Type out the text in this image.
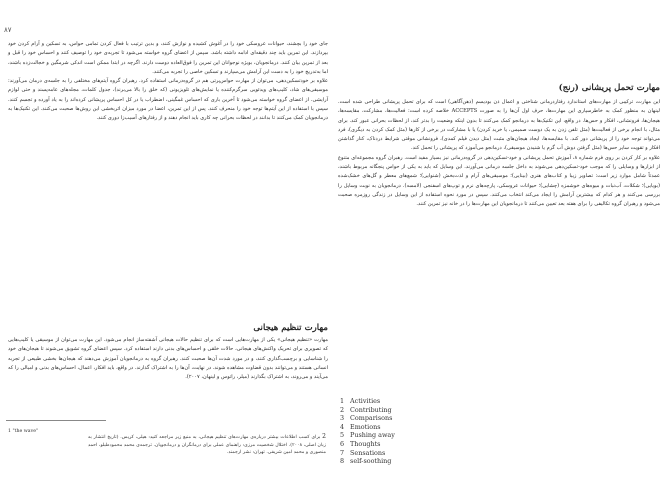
۸۷

جای خود را بچشند، حیوانات عروسکی خود را در آغوش کشیده و نوازش کنند، و بدین ترتیب با فعال کردن تمامی حواس، به تسکین و آرام کردن خود بپردازند. این تمرین باید چند دقیقه‌ای ادامه داشته باشد. سپس از اعضای گروه خواسته می‌شود تا تجربه‌ی خود را توصیف کنند و احساس خود را قبل و بعد از تمرین بیان کنند. درمانجویان، بویژه نوجوانان این تمرین را فوق‌العاده دوست دارند. اگرچه در ابتدا ممکن است اندکی شرمگین و خجالت‌زده باشند، اما به‌تدریج خود را به دست این آرامش می‌سپارند و تسکین خاصی را تجربه می‌کنند.

علاوه بر خودتسکین‌دهی، می‌توان از مهارت حواس‌پرتی هم در گروه‌درمانی استفاده کرد. رهبران گروه آیتم‌های مختلفی را به جلسه‌ی درمان می‌آورند: موسیقی‌های شاد، کلیپ‌های ویدئویی سرگرم‌کننده یا نمایش‌های تلویزیونی (که خلق را بالا می‌برند)، جدول کلمات، مجله‌های عامه‌پسند و حتی لوازم آرایشی. از اعضای گروه خواسته می‌شود تا آخرین باری که احساس غمگینی، اضطراب یا در کل احساس پریشانی کرده‌اند را به یاد آورده و تجسم کنند. سپس با استفاده از این آیتم‌ها توجه خود را منحرف کنند. پس از این تمرین، اعضا در مورد میزان اثربخشی این روش‌ها صحبت می‌کنند. این تکنیک‌ها به درمانجویان کمک می‌کنند تا بدانند در لحظات بحرانی چه کاری باید انجام دهند و از رفتارهای آسیب‌زا دوری کنند.

مهارت تنظیم هیجانی

مهارت «تنظیم هیجانی» یکی از مهارت‌هایی است که برای تنظیم حالات هیجانی آشفته‌ساز انجام می‌شود. این مهارت می‌توان از موسیقی یا کلیپ‌هایی که تصویری برای تحریک واکنش‌های هیجانی، حالات خلقی و احساس‌های بدنی دارند استفاده کرد. سپس اعضای گروه تشویق می‌شوند تا هیجان‌های خود را شناسایی و برچسب‌گذاری کنند، و در مورد شدت آن‌ها صحبت کنند. رهبران گروه به درمانجویان آموزش می‌دهند که هیجان‌ها بخشی طبیعی از تجربه انسانی هستند و می‌توانند بدون قضاوت مشاهده شوند. در نهایت، آن‌ها را به اشتراک گذارند. در واقع، باید افکار، اعمال، احساس‌های بدنی و امیالی را که می‌آیند و می‌روند، به اشتراک بگذارند (میلر، راتوس و لینهان، ۲۰۰۷).

1 "the wave"
2 برای کسب اطلاعات بیشتر درباره‌ی مهارت‌های تنظیم هیجانی، به منبع زیر مراجعه کنید: هیلی، کریس. (تاریخ انتشار به زبان اصلی، ۲۰۰۸). اختلال شخصیت مرزی: راهنمای عملی برای درمانگران و درمانجویان. ترجمه‌ی محمد محمودطبلو، احمد منصوری و محمد امین شریفی. تهران: نشر ارجمند.
مهارت تحمل پریشانی (رنج)

این مهارت، ترکیبی از مهارت‌های استاندارد رفتاردرمانی شناختی و اعمال ذن بودیسم (ذهن‌آگاهی) است که برای تحمل پریشانی طراحی شده است. لینهان به منظور کمک به خاطرسپاری این مهارت‌ها، حرف اول آن‌ها را به صورت ACCEPTS خلاصه کرده است: فعالیت‌ها، مشارکت، مقایسه‌ها، هیجان‌ها، فرونشانی، افکار و حس‌ها. در واقع، این تکنیک‌ها به درمانجو کمک می‌کنند تا بدون اینکه وضعیت را بدتر کند، از لحظات بحرانی عبور کند. برای مثال، با انجام برخی از فعالیت‌ها (مثل تلفن زدن به یک دوست صمیمی، یا خرید کردن) یا با مشارکت در برخی از کارها (مثل کمک کردن به دیگری)، فرد می‌تواند توجه خود را از پریشانی دور کند. با مقایسه‌ها، ایجاد هیجان‌های مثبت (مثل دیدن فیلم کمدی)، فرونشانی موقتی شرایط دردناک، کنار گذاشتن افکار و تقویت سایر حس‌ها (مثل گرفتن دوش آب گرم یا شنیدن موسیقی)، درمانجو می‌آموزد که پریشانی را تحمل کند.

علاوه بر کار کردن بر روی فرم شماره ۸، آموزش تحمل پریشانی و خود-تسکین‌دهی در گروه‌درمانی نیز بسیار مفید است. رهبران گروه مجموعه‌ای متنوع از ابزارها و وسایلی را که موجب خود-تسکین‌دهی می‌شوند به داخل جلسه درمانی می‌آورند. این وسایل که باید به یکی از حواس پنجگانه مربوط باشند، عمدتاً شامل موارد زیر است: تصاویر زیبا و کتاب‌های هنری (بینایی)؛ موسیقی‌های آرام و لذت‌بخش (شنوایی)؛ شمع‌های معطر و گل‌های خشک‌شده (بویایی)؛ شکلات، آب‌نبات و میوه‌های خوشمزه (چشایی)؛ حیوانات عروسکی، پارچه‌های نرم و توپ‌های اسفنجی (لامسه). درمانجویان به نوبت وسایل را بررسی می‌کنند و هر کدام که بیشترین آرامش را ایجاد می‌کند انتخاب می‌کنند. سپس در مورد نحوه استفاده از این وسایل در زندگی روزمره صحبت می‌شود و رهبران گروه تکالیفی را برای هفته بعد تعیین می‌کنند تا درمانجویان این مهارت‌ها را در خانه نیز تمرین کنند.

1 Activities
2 Contributing
3 Comparisons
4 Emotions
5 Pushing away
6 Thoughts
7 Sensations
8 self-soothing
